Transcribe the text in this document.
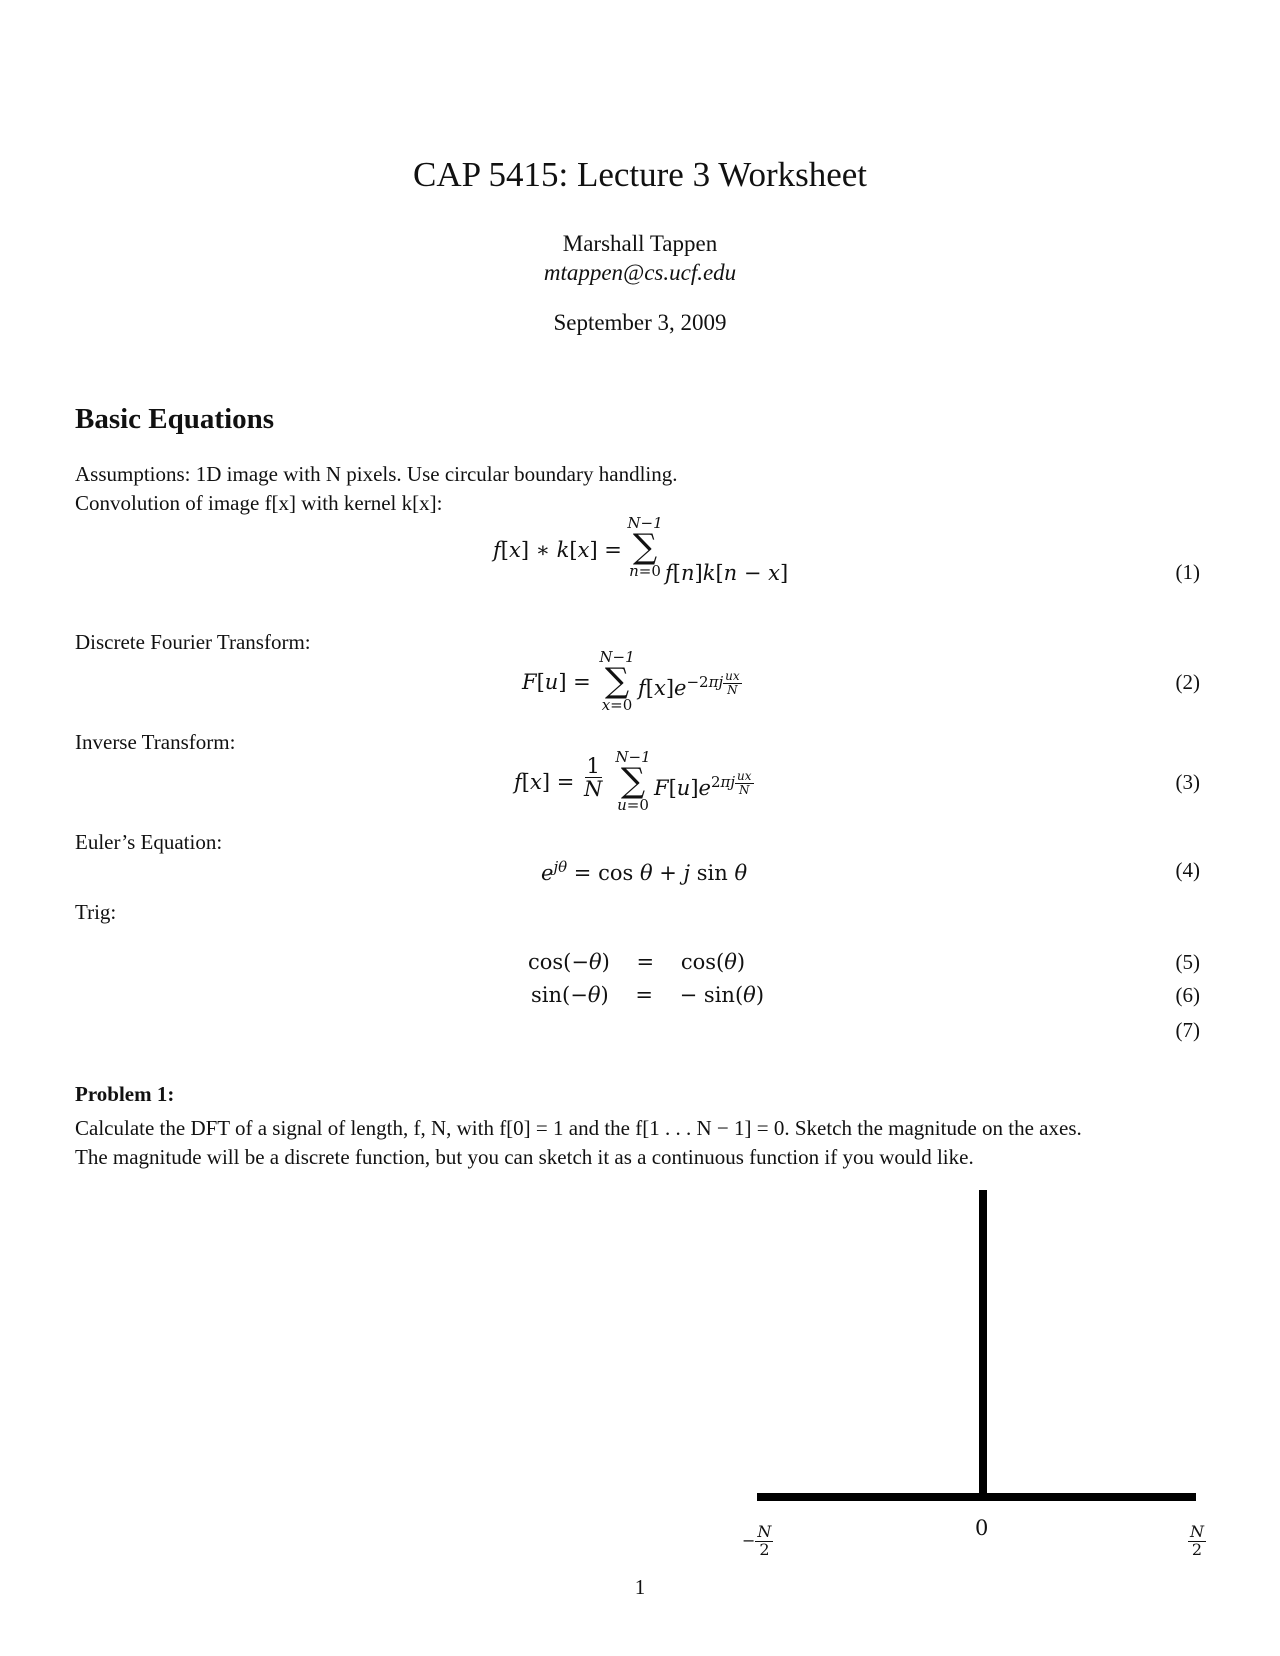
CAP 5415: Lecture 3 Worksheet
Marshall Tappen
mtappen@cs.ucf.edu
September 3, 2009
Basic Equations
Assumptions: 1D image with N pixels. Use circular boundary handling.
Convolution of image f[x] with kernel k[x]:
f[x] ∗ k[x] =
N−1
∑
n=0 f[n]k[n − x]	(1)
Discrete Fourier Transform:
F[u] =
N−1
∑
x=0
$f[x]e^{-2\pi j \frac{ux}{N}}$	(2)
Inverse Transform:
$f[x] = \frac{1}{N} N-1$
∑
u=0
$F[u]e^{2\pi j \frac{ux}{N}}$	(3)
Euler’s Equation:
$e^{j\theta} = \cos \theta + j$ sin θ	(4)
Trig:
cos(−θ)    =    cos(θ)
sin(−θ)    =    − sin(θ)
(5)
(6)
(7)
Problem 1:
Calculate the DFT of a signal of length, f, N, with f[0] = 1 and the f[1 . . . N − 1] = 0. Sketch the magnitude on the axes.
The magnitude will be a discrete function, but you can sketch it as a continuous function if you would like.
− $\frac{N}{2}$	0	$\frac{N}{2}$
1
